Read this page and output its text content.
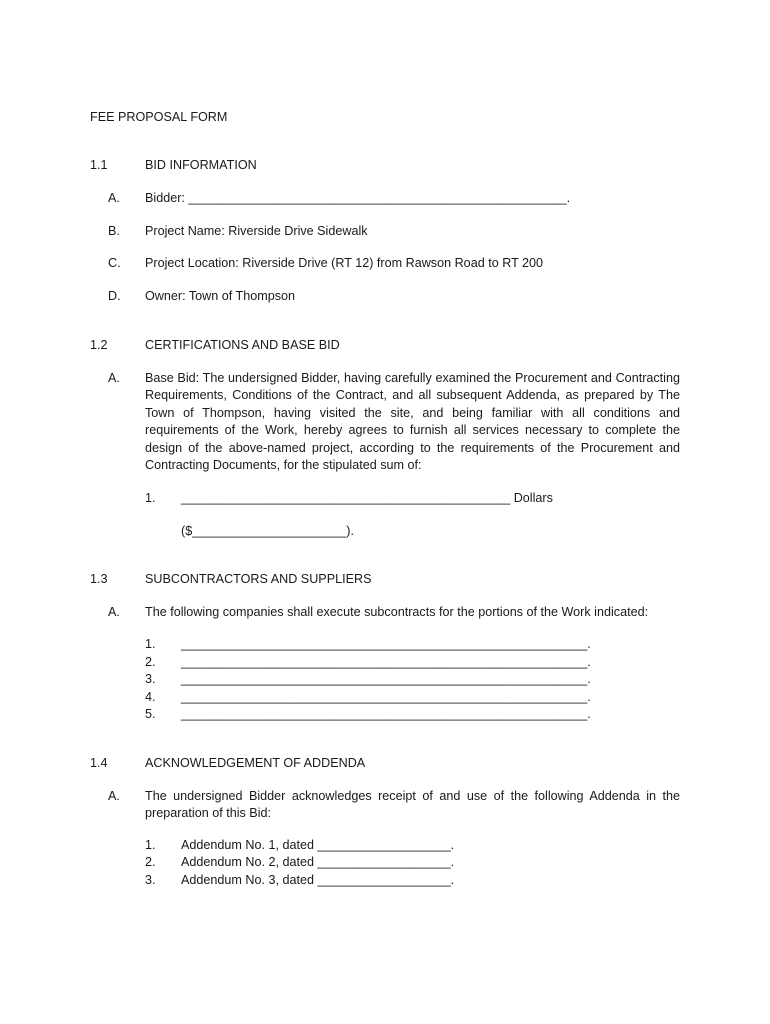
FEE PROPOSAL FORM
1.1	BID INFORMATION
A. Bidder: ______________________________________________________.
B. Project Name: Riverside Drive Sidewalk
C. Project Location: Riverside Drive (RT 12) from Rawson Road to RT 200
D. Owner: Town of Thompson
1.2	CERTIFICATIONS AND BASE BID
A. Base Bid: The undersigned Bidder, having carefully examined the Procurement and Contracting Requirements, Conditions of the Contract, and all subsequent Addenda, as prepared by The Town of Thompson, having visited the site, and being familiar with all conditions and requirements of the Work, hereby agrees to furnish all services necessary to complete the design of the above-named project, according to the requirements of the Procurement and Contracting Documents, for the stipulated sum of:
1. _______________________________________________ Dollars
($______________________).
1.3	SUBCONTRACTORS AND SUPPLIERS
A. The following companies shall execute subcontracts for the portions of the Work indicated:
1. __________________________________________________________.
2. __________________________________________________________.
3. __________________________________________________________.
4. __________________________________________________________.
5. __________________________________________________________.
1.4	ACKNOWLEDGEMENT OF ADDENDA
A. The undersigned Bidder acknowledges receipt of and use of the following Addenda in the preparation of this Bid:
1. Addendum No. 1, dated ___________________.
2. Addendum No. 2, dated ___________________.
3. Addendum No. 3, dated ___________________.
